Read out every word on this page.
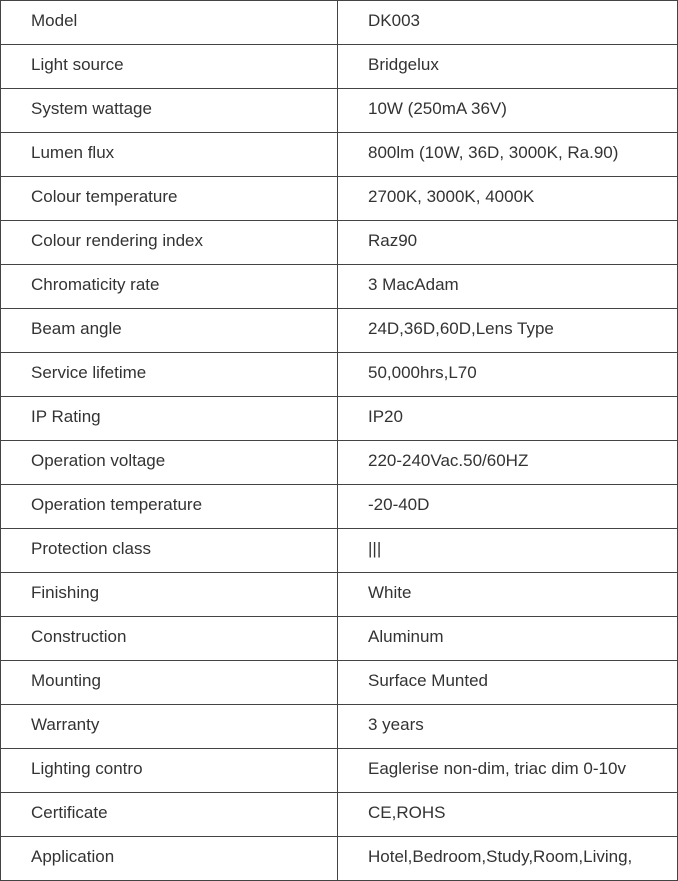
Model	DK003
Light source	Bridgelux
System wattage	10W (250mA 36V)
Lumen flux	800lm (10W, 36D, 3000K, Ra.90)
Colour temperature	2700K, 3000K, 4000K
Colour rendering index	Raz90
Chromaticity rate	3 MacAdam
Beam angle	24D,36D,60D,Lens Type
Service lifetime	50,000hrs,L70
IP Rating	IP20
Operation voltage	220-240Vac.50/60HZ
Operation temperature	-20-40D
Protection class	|||
Finishing	White
Construction	Aluminum
Mounting	Surface Munted
Warranty	3 years
Lighting contro	Eaglerise non-dim, triac dim 0-10v
Certificate	CE,ROHS
Application	Hotel,Bedroom,Study,Room,Living,
